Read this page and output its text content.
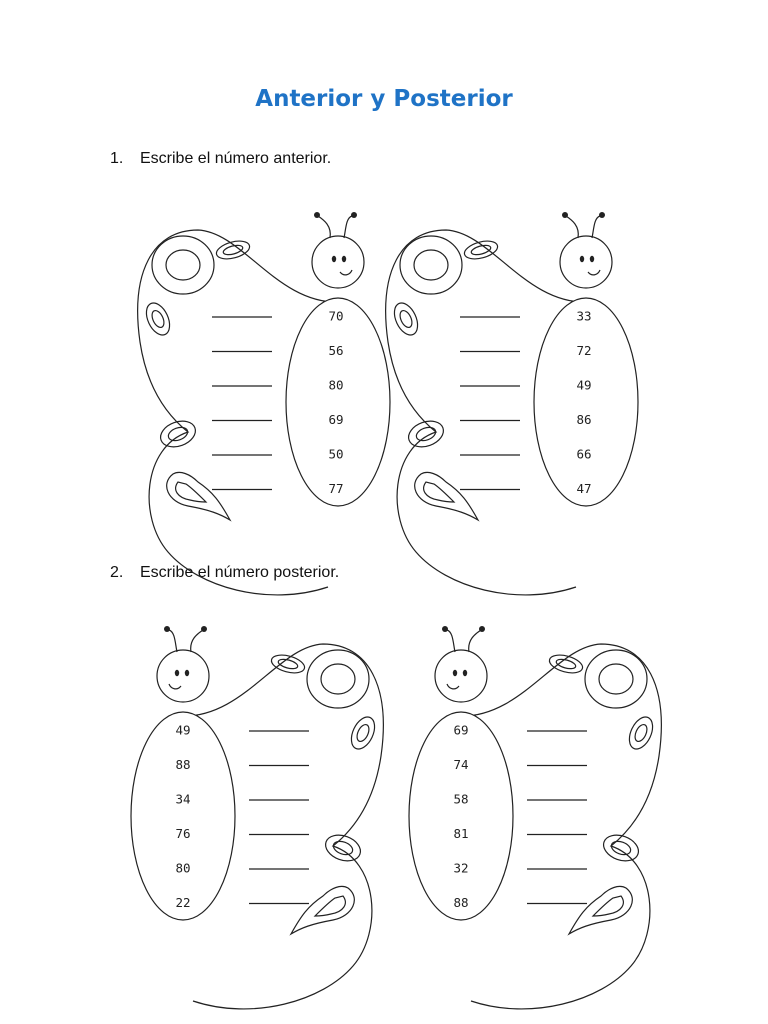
Anterior y Posterior
1. Escribe el número anterior.
2. Escribe el número posterior.
70
56
80
69
50
77
33
72
49
86
66
47
49
88
34
76
80
22
69
74
58
81
32
88
